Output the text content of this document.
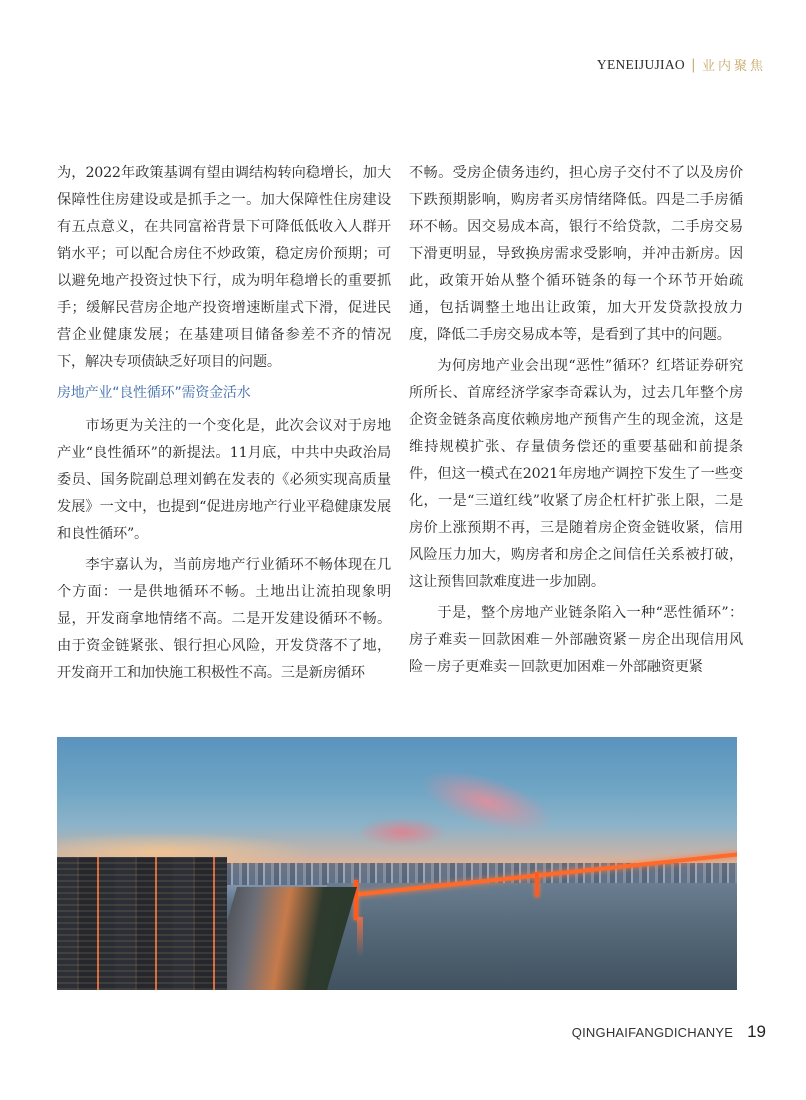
YENEIJUJIAO | 业内聚焦

为，2022年政策基调有望由调结构转向稳增长，加大保障性住房建设或是抓手之一。加大保障性住房建设有五点意义，在共同富裕背景下可降低低收入人群开销水平；可以配合房住不炒政策，稳定房价预期；可以避免地产投资过快下行，成为明年稳增长的重要抓手；缓解民营房企地产投资增速断崖式下滑，促进民营企业健康发展；在基建项目储备参差不齐的情况下，解决专项债缺乏好项目的问题。

房地产业“良性循环”需资金活水

市场更为关注的一个变化是，此次会议对于房地产业“良性循环”的新提法。11月底，中共中央政治局委员、国务院副总理刘鹤在发表的《必须实现高质量发展》一文中，也提到“促进房地产行业平稳健康发展和良性循环”。

李宇嘉认为，当前房地产行业循环不畅体现在几个方面：一是供地循环不畅。土地出让流拍现象明显，开发商拿地情绪不高。二是开发建设循环不畅。由于资金链紧张、银行担心风险，开发贷落不了地，开发商开工和加快施工积极性不高。三是新房循环

不畅。受房企债务违约，担心房子交付不了以及房价下跌预期影响，购房者买房情绪降低。四是二手房循环不畅。因交易成本高，银行不给贷款，二手房交易下滑更明显，导致换房需求受影响，并冲击新房。因此，政策开始从整个循环链条的每一个环节开始疏通，包括调整土地出让政策，加大开发贷款投放力度，降低二手房交易成本等，是看到了其中的问题。

为何房地产业会出现“恶性”循环？红塔证券研究所所长、首席经济学家李奇霖认为，过去几年整个房企资金链条高度依赖房地产预售产生的现金流，这是维持规模扩张、存量债务偿还的重要基础和前提条件，但这一模式在2021年房地产调控下发生了一些变化，一是“三道红线”收紧了房企杠杆扩张上限，二是房价上涨预期不再，三是随着房企资金链收紧，信用风险压力加大，购房者和房企之间信任关系被打破，这让预售回款难度进一步加剧。

于是，整个房地产业链条陷入一种“恶性循环”：房子难卖－回款困难－外部融资紧－房企出现信用风险－房子更难卖－回款更加困难－外部融资更紧

QINGHAIFANGDICHANYE 19
